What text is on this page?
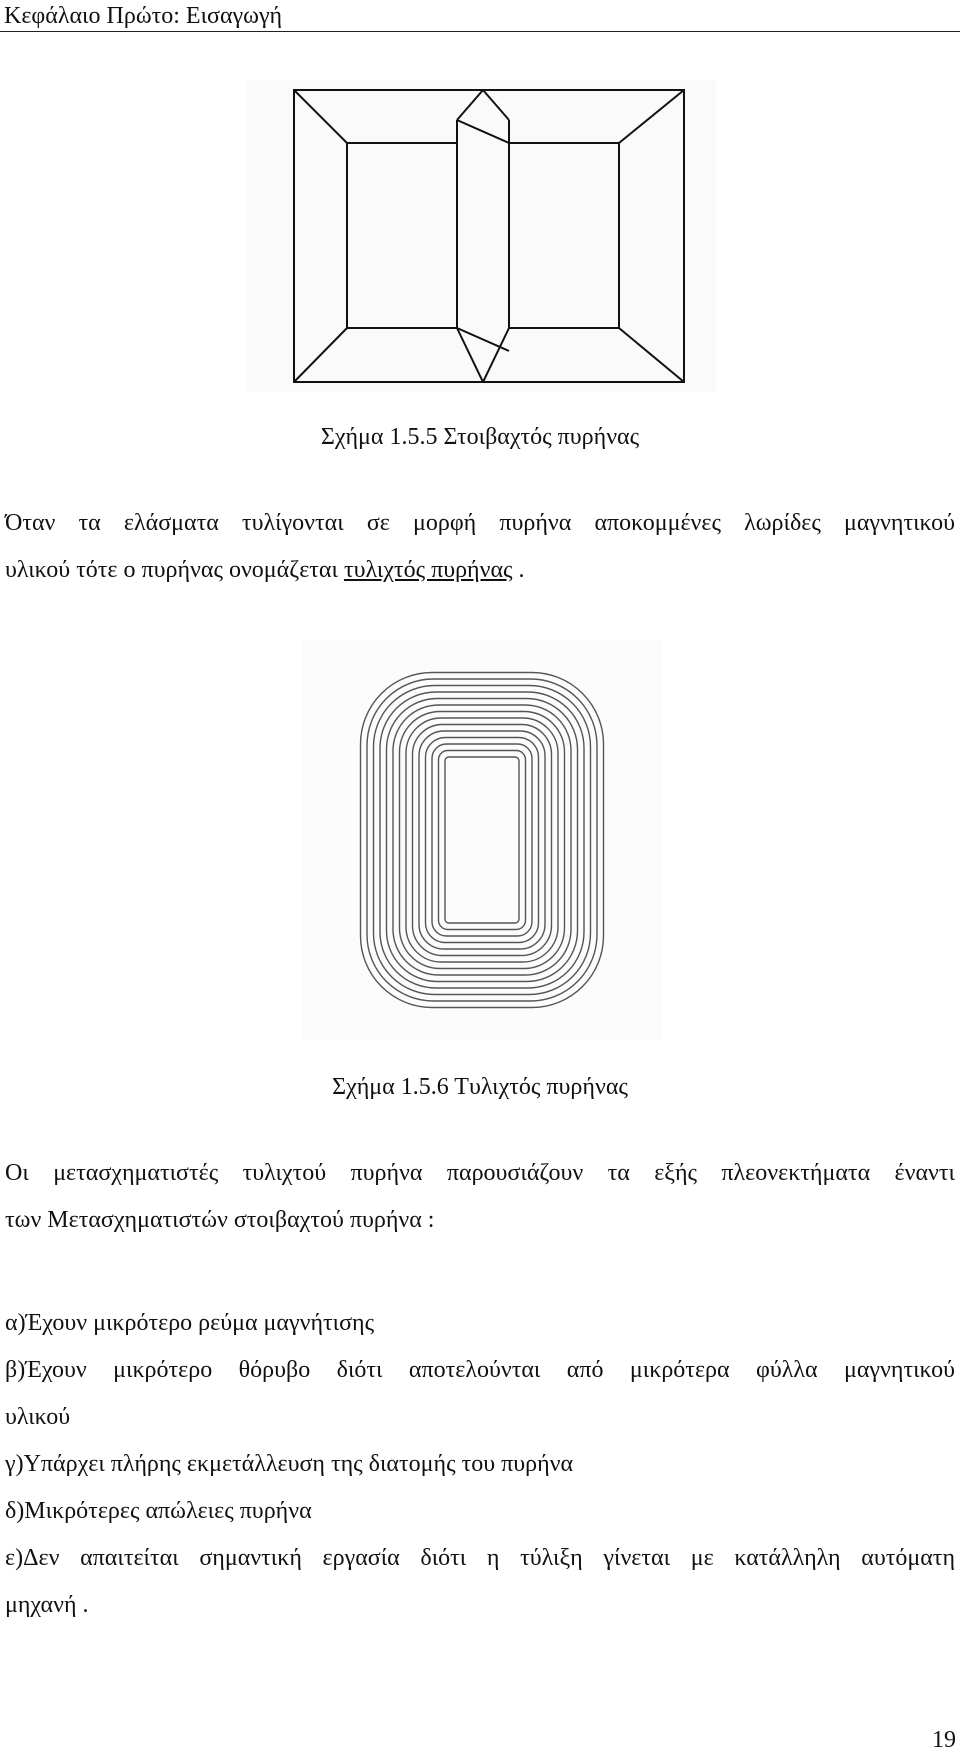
Κεφάλαιο Πρώτο: Εισαγωγή
Σχήμα 1.5.5 Στοιβαχτός πυρήνας
Όταν τα ελάσματα τυλίγονται σε μορφή πυρήνα αποκομμένες λωρίδες μαγνητικού
υλικού τότε ο πυρήνας ονομάζεται τυλιχτός πυρήνας .
Σχήμα 1.5.6 Τυλιχτός πυρήνας
Οι μετασχηματιστές τυλιχτού πυρήνα παρουσιάζουν τα εξής πλεονεκτήματα έναντι
των Μετασχηματιστών στοιβαχτού πυρήνα :
α)Έχουν μικρότερο ρεύμα μαγνήτισης
β)Έχουν μικρότερο θόρυβο διότι αποτελούνται από μικρότερα φύλλα μαγνητικού
υλικού
γ)Υπάρχει πλήρης εκμετάλλευση της διατομής του πυρήνα
δ)Μικρότερες απώλειες πυρήνα
ε)Δεν απαιτείται σημαντική εργασία διότι η τύλιξη γίνεται με κατάλληλη αυτόματη
μηχανή .
19
